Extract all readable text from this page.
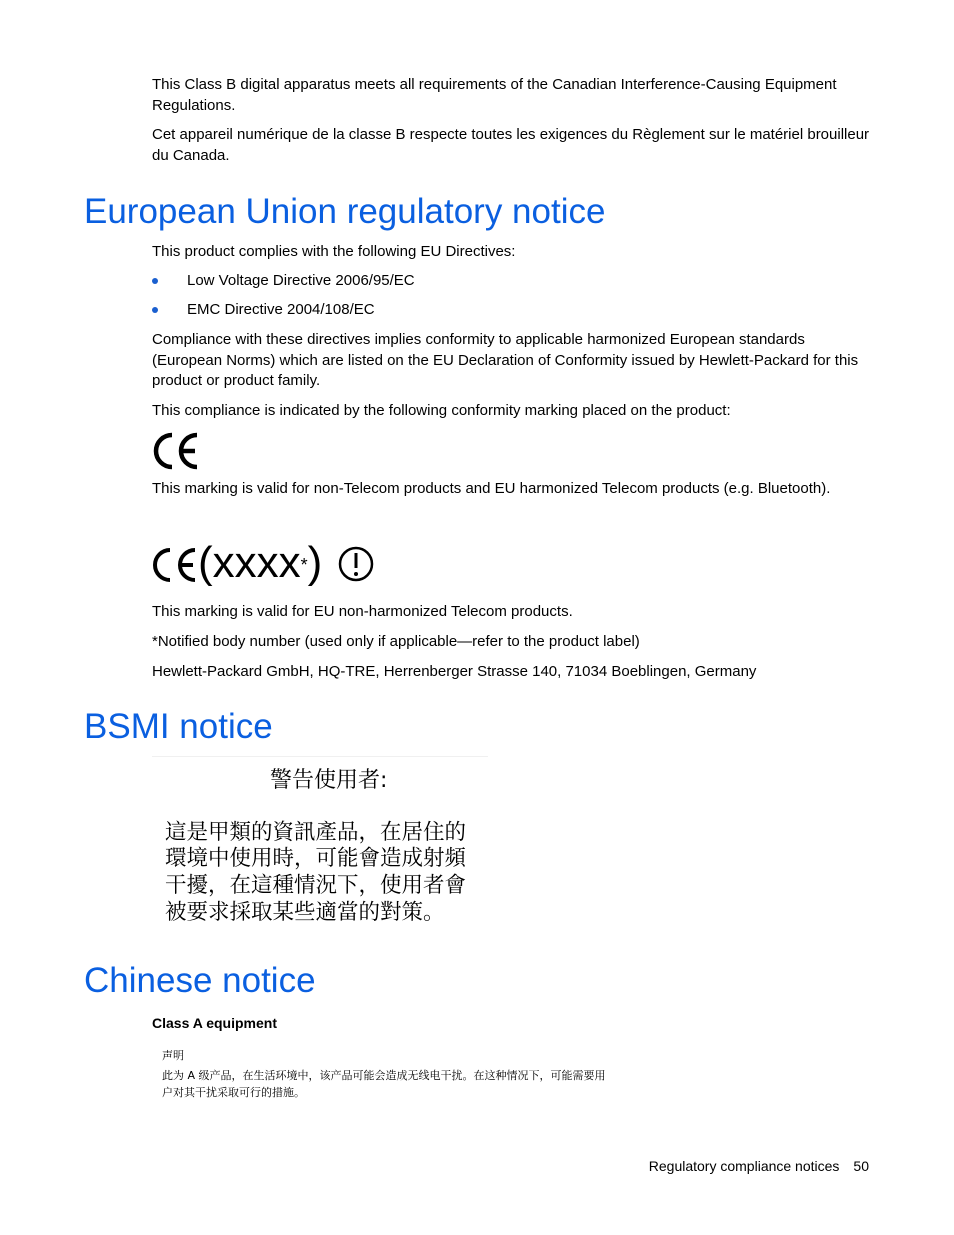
This Class B digital apparatus meets all requirements of the Canadian Interference-Causing Equipment Regulations.

Cet appareil numérique de la classe B respecte toutes les exigences du Règlement sur le matériel brouilleur du Canada.

European Union regulatory notice

This product complies with the following EU Directives:

Low Voltage Directive 2006/95/EC
EMC Directive 2004/108/EC

Compliance with these directives implies conformity to applicable harmonized European standards (European Norms) which are listed on the EU Declaration of Conformity issued by Hewlett-Packard for this product or product family.

This compliance is indicated by the following conformity marking placed on the product:

This marking is valid for non-Telecom products and EU harmonized Telecom products (e.g. Bluetooth).

(xxxx*)

This marking is valid for EU non-harmonized Telecom products.

*Notified body number (used only if applicable—refer to the product label)

Hewlett-Packard GmbH, HQ-TRE, Herrenberger Strasse 140, 71034 Boeblingen, Germany

BSMI notice
警告使用者:
這是甲類的資訊產品，在居住的
環境中使用時，可能會造成射頻
干擾，在這種情況下，使用者會
被要求採取某些適當的對策。
Chinese notice
Class A equipment
声明
此为 A 级产品，在生活环境中，该产品可能会造成无线电干扰。在这种情况下，可能需要用
户对其干扰采取可行的措施。
Regulatory compliance notices 50
